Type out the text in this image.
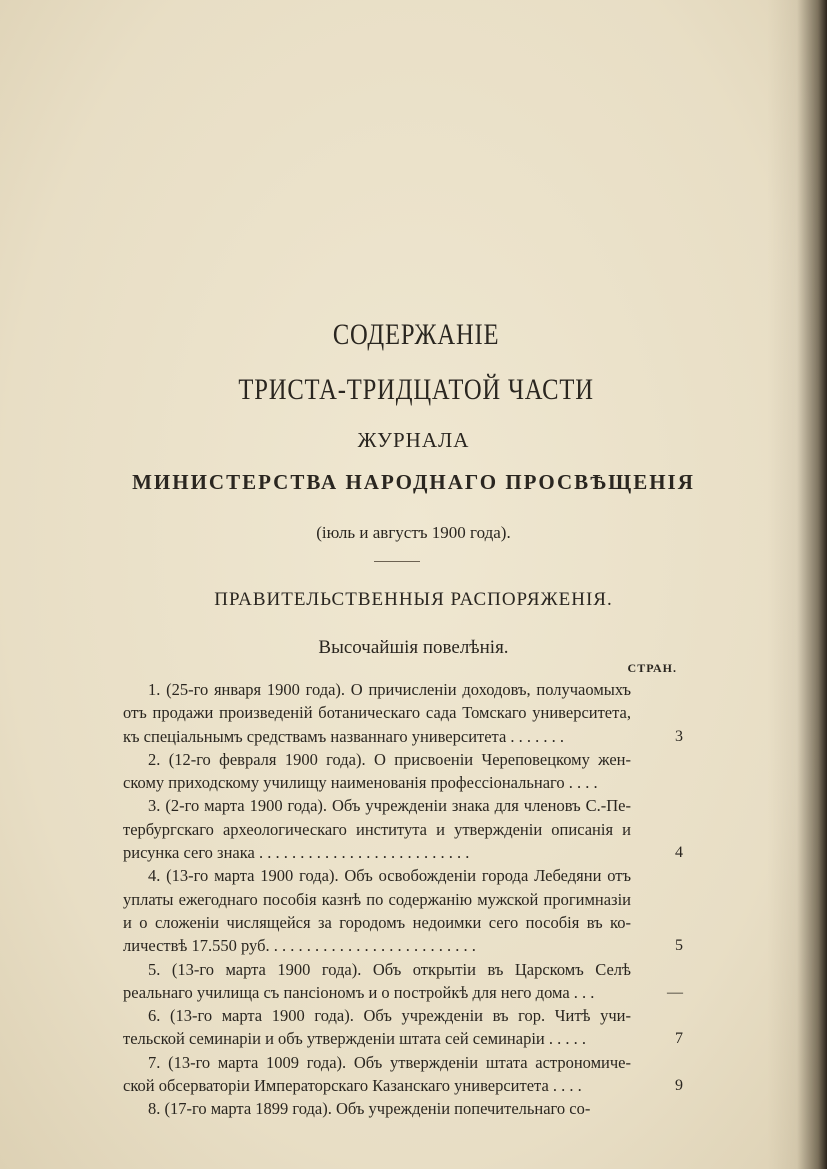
СОДЕРЖАНІЕ
ТРИСТА-ТРИДЦАТОЙ ЧАСТИ
ЖУРНАЛА
МИНИСТЕРСТВА НАРОДНАГО ПРОСВѢЩЕНІЯ
(іюль и августъ 1900 года).
ПРАВИТЕЛЬСТВЕННЫЯ РАСПОРЯЖЕНІЯ.
Высочайшія повелѣнія.
СТРАН.
1. (25-го января 1900 года). О причисленіи доходовъ, получаомыхъ
отъ продажи произведеній ботаническаго сада Томскаго университета,
къ спеціальнымъ средствамъ названнаго университета . . . . . . .	3
2. (12-го февраля 1900 года). О присвоеніи Череповецкому жен-
скому приходскому училищу наименованія профессіональнаго . . . .
3. (2-го марта 1900 года). Объ учрежденіи знака для членовъ С.-Пе-
тербургскаго археологическаго института и утвержденіи описанія и
рисунка сего знака . . . . . . . . . . . . . . . . . . . . . . . . . .	4
4. (13-го марта 1900 года). Объ освобожденіи города Лебедяни отъ
уплаты ежегоднаго пособія казнѣ по содержанію мужской прогимназіи
и о сложеніи числящейся за городомъ недоимки сего пособія въ ко-
личествѣ 17.550 руб. . . . . . . . . . . . . . . . . . . . . . . . . .	5
5. (13-го марта 1900 года). Объ открытіи въ Царскомъ Селѣ
реальнаго училища съ пансіономъ и о постройкѣ для него дома . . .	—
6. (13-го марта 1900 года). Объ учрежденіи въ гор. Читѣ учи-
тельской семинаріи и объ утвержденіи штата сей семинаріи . . . . .	7
7. (13-го марта 1009 года). Объ утвержденіи штата астрономиче-
ской обсерваторіи Императорскаго Казанскаго университета . . . .	9
8. (17-го марта 1899 года). Объ учрежденіи попечительнаго со-
